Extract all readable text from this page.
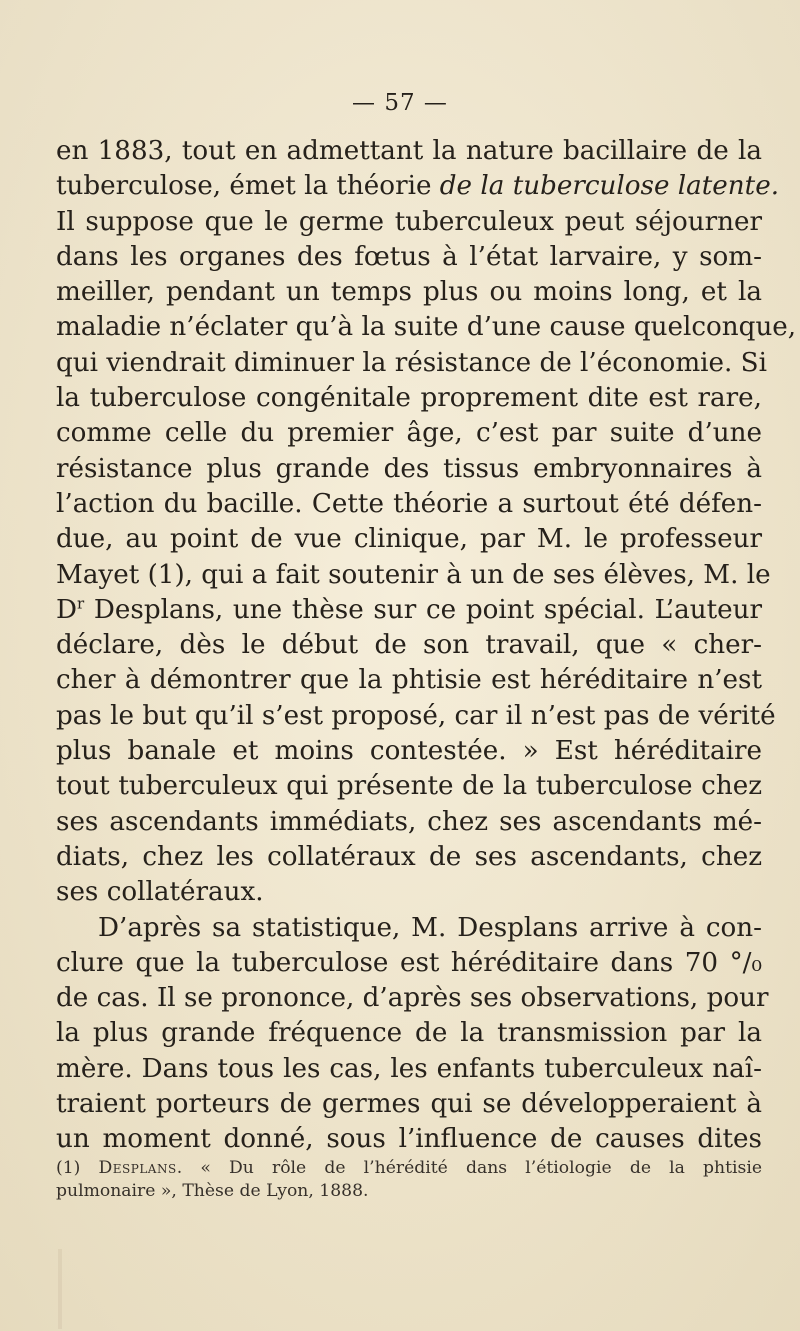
— 57 —
en 1883, tout en admettant la nature bacillaire de la
tuberculose, émet la théorie de la tuberculose latente.
Il suppose que le germe tuberculeux peut séjourner
dans les organes des fœtus à l’état larvaire, y som-
meiller, pendant un temps plus ou moins long, et la
maladie n’éclater qu’à la suite d’une cause quelconque,
qui viendrait diminuer la résistance de l’économie. Si
la tuberculose congénitale proprement dite est rare,
comme celle du premier âge, c’est par suite d’une
résistance plus grande des tissus embryonnaires à
l’action du bacille. Cette théorie a surtout été défen-
due, au point de vue clinique, par M. le professeur
Mayet (1), qui a fait soutenir à un de ses élèves, M. le
$D^r$ Desplans, une thèse sur ce point spécial. L’auteur
déclare, dès le début de son travail, que « cher-
cher à démontrer que la phtisie est héréditaire n’est
pas le but qu’il s’est proposé, car il n’est pas de vérité
plus banale et moins contestée. » Est héréditaire
tout tuberculeux qui présente de la tuberculose chez
ses ascendants immédiats, chez ses ascendants mé-
diats, chez les collatéraux de ses ascendants, chez
ses collatéraux.
D’après sa statistique, M. Desplans arrive à con-
clure que la tuberculose est héréditaire dans 70 °/₀
de cas. Il se prononce, d’après ses observations, pour
la plus grande fréquence de la transmission par la
mère. Dans tous les cas, les enfants tuberculeux naî-
traient porteurs de germes qui se développeraient à
un moment donné, sous l’influence de causes dites
(1) Desplans. « Du rôle de l’hérédité dans l’étiologie de la phtisie
pulmonaire », Thèse de Lyon, 1888.
